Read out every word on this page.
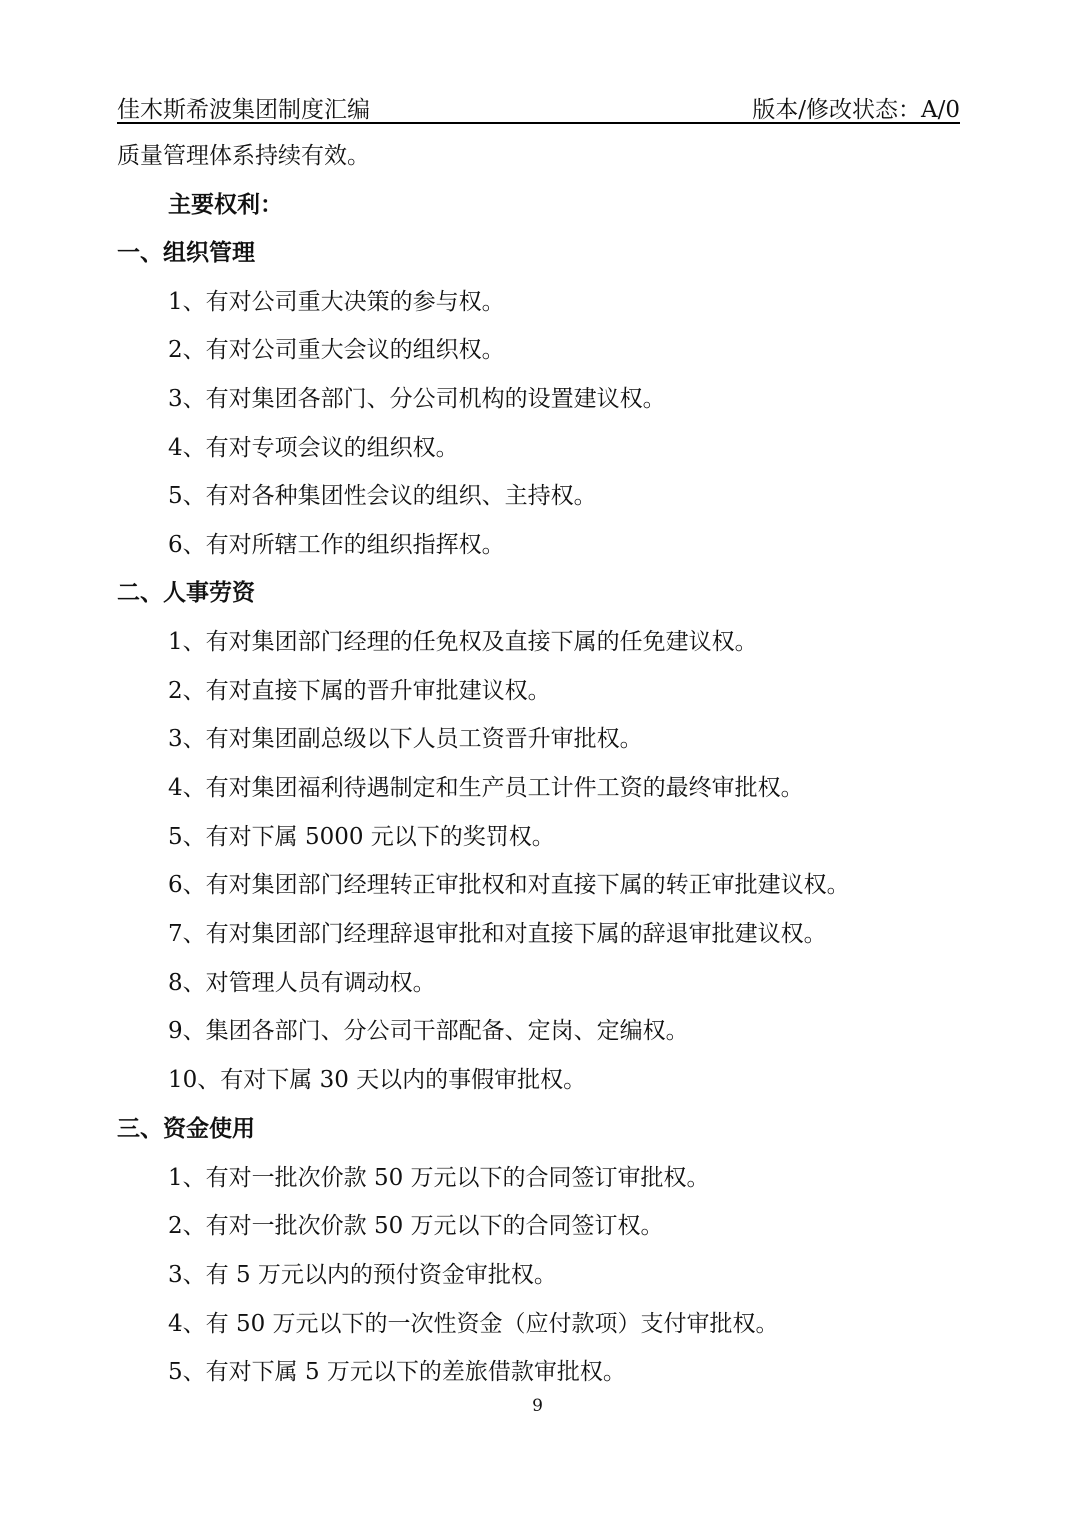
佳木斯希波集团制度汇编	版本/修改状态：A/0
质量管理体系持续有效。
主要权利：
一、组织管理
1、有对公司重大决策的参与权。
2、有对公司重大会议的组织权。
3、有对集团各部门、分公司机构的设置建议权。
4、有对专项会议的组织权。
5、有对各种集团性会议的组织、主持权。
6、有对所辖工作的组织指挥权。
二、人事劳资
1、有对集团部门经理的任免权及直接下属的任免建议权。
2、有对直接下属的晋升审批建议权。
3、有对集团副总级以下人员工资晋升审批权。
4、有对集团福利待遇制定和生产员工计件工资的最终审批权。
5、有对下属 5000 元以下的奖罚权。
6、有对集团部门经理转正审批权和对直接下属的转正审批建议权。
7、有对集团部门经理辞退审批和对直接下属的辞退审批建议权。
8、对管理人员有调动权。
9、集团各部门、分公司干部配备、定岗、定编权。
10、有对下属 30 天以内的事假审批权。
三、资金使用
1、有对一批次价款 50 万元以下的合同签订审批权。
2、有对一批次价款 50 万元以下的合同签订权。
3、有 5 万元以内的预付资金审批权。
4、有 50 万元以下的一次性资金（应付款项）支付审批权。
5、有对下属 5 万元以下的差旅借款审批权。
9
